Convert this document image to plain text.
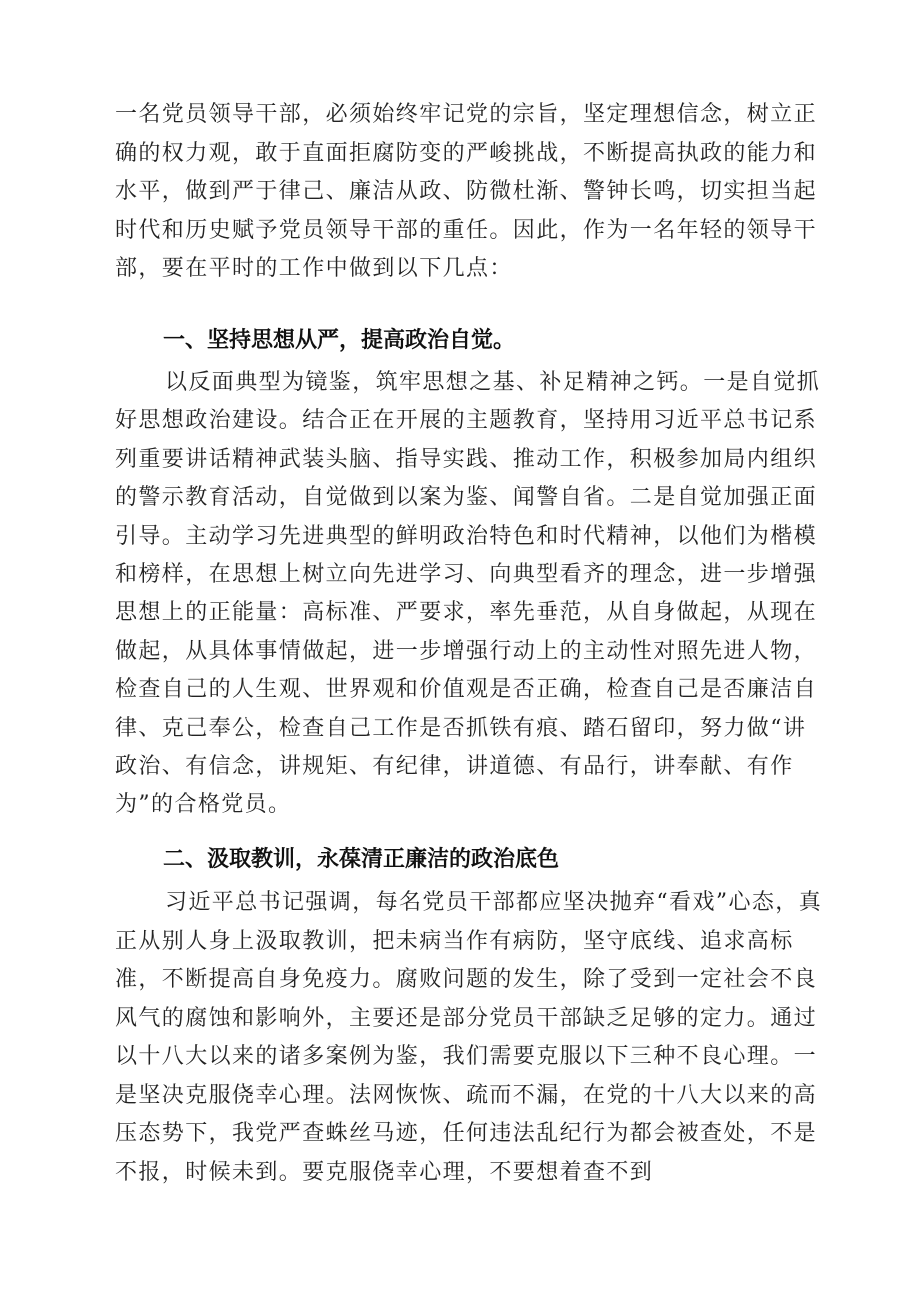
一名党员领导干部，必须始终牢记党的宗旨，坚定理想信念，树立正确的权力观，敢于直面拒腐防变的严峻挑战，不断提高执政的能力和水平，做到严于律己、廉洁从政、防微杜渐、警钟长鸣，切实担当起时代和历史赋予党员领导干部的重任。因此，作为一名年轻的领导干部，要在平时的工作中做到以下几点：
一、坚持思想从严，提高政治自觉。
以反面典型为镜鉴，筑牢思想之基、补足精神之钙。一是自觉抓好思想政治建设。结合正在开展的主题教育，坚持用习近平总书记系列重要讲话精神武装头脑、指导实践、推动工作，积极参加局内组织的警示教育活动，自觉做到以案为鉴、闻警自省。二是自觉加强正面引导。主动学习先进典型的鲜明政治特色和时代精神，以他们为楷模和榜样，在思想上树立向先进学习、向典型看齐的理念，进一步增强思想上的正能量：高标准、严要求，率先垂范，从自身做起，从现在做起，从具体事情做起，进一步增强行动上的主动性对照先进人物，检查自己的人生观、世界观和价值观是否正确，检查自己是否廉洁自律、克己奉公，检查自己工作是否抓铁有痕、踏石留印，努力做“讲政治、有信念，讲规矩、有纪律，讲道德、有品行，讲奉献、有作为”的合格党员。
二、汲取教训，永葆清正廉洁的政治底色
习近平总书记强调，每名党员干部都应坚决抛弃“看戏”心态，真正从别人身上汲取教训，把未病当作有病防，坚守底线、追求高标准，不断提高自身免疫力。腐败问题的发生，除了受到一定社会不良风气的腐蚀和影响外，主要还是部分党员干部缺乏足够的定力。通过以十八大以来的诸多案例为鉴，我们需要克服以下三种不良心理。一是坚决克服侥幸心理。法网恢恢、疏而不漏，在党的十八大以来的高压态势下，我党严查蛛丝马迹，任何违法乱纪行为都会被查处，不是不报，时候未到。要克服侥幸心理，不要想着查不到
